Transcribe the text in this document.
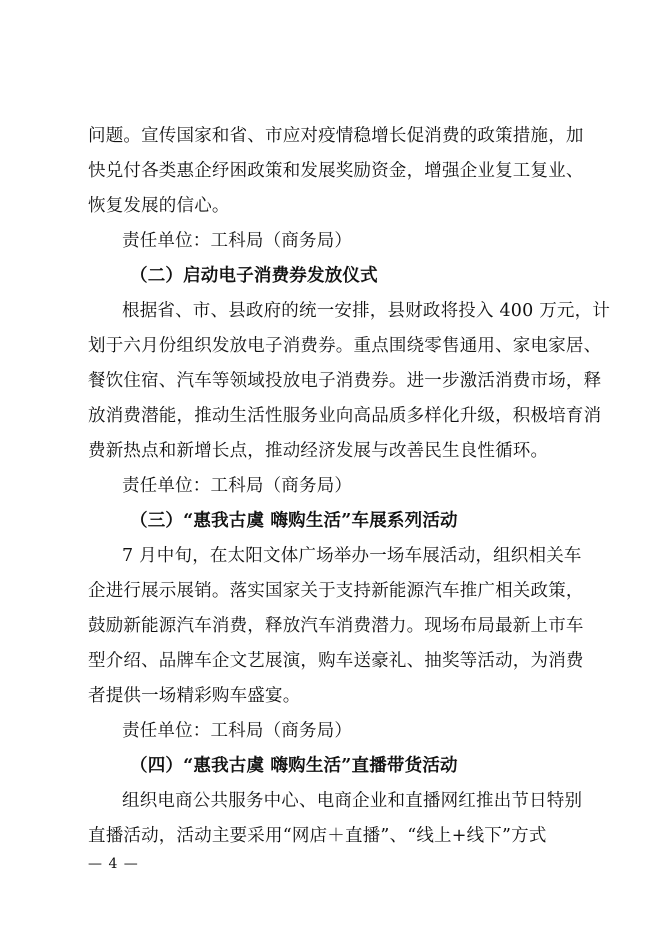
问题。宣传国家和省、市应对疫情稳增长促消费的政策措施，加
快兑付各类惠企纾困政策和发展奖励资金，增强企业复工复业、
恢复发展的信心。
责任单位：工科局（商务局）
（二）启动电子消费券发放仪式
根据省、市、县政府的统一安排，县财政将投入 400 万元，计
划于六月份组织发放电子消费券。重点围绕零售通用、家电家居、
餐饮住宿、汽车等领域投放电子消费券。进一步激活消费市场，释
放消费潜能，推动生活性服务业向高品质多样化升级，积极培育消
费新热点和新增长点，推动经济发展与改善民生良性循环。
责任单位：工科局（商务局）
（三）“惠我古虞 嗨购生活”车展系列活动
7 月中旬，在太阳文体广场举办一场车展活动，组织相关车
企进行展示展销。落实国家关于支持新能源汽车推广相关政策，
鼓励新能源汽车消费，释放汽车消费潜力。现场布局最新上市车
型介绍、品牌车企文艺展演，购车送豪礼、抽奖等活动，为消费
者提供一场精彩购车盛宴。
责任单位：工科局（商务局）
（四）“惠我古虞 嗨购生活”直播带货活动
组织电商公共服务中心、电商企业和直播网红推出节日特别
直播活动，活动主要采用“网店＋直播”、“线上+线下”方式
— 4 —
